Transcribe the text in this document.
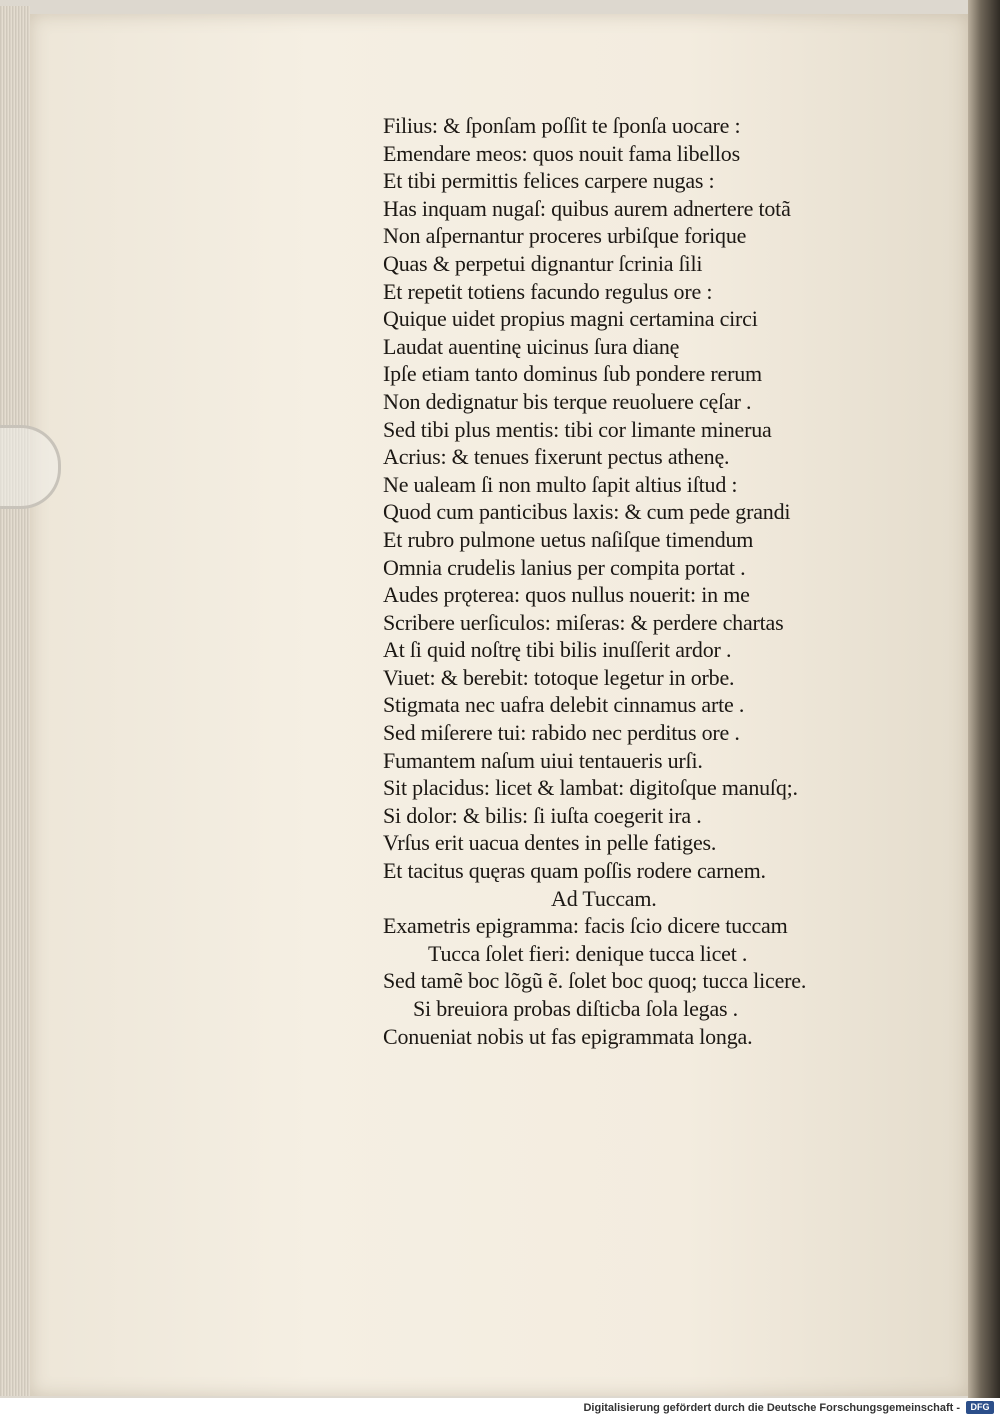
Filius: & ſponſam poſſit te ſponſa uocare :
Emendare meos: quos nouit fama libellos
Et tibi permittis felices carpere nugas :
Has inquam nugaſ: quibus aurem adnertere totã
Non aſpernantur proceres urbiſque forique
Quas & perpetui dignantur ſcrinia ſili
Et repetit totiens facundo regulus ore :
Quique uidet propius magni certamina circi
Laudat auentinę uicinus ſura dianę
Ipſe etiam tanto dominus ſub pondere rerum
Non dedignatur bis terque reuoluere cęſar .
Sed tibi plus mentis: tibi cor limante mineruа
Acrius: & tenues fixerunt pectus athenę.
Ne ualeam ſi non multo ſapit altius iſtud :
Quod cum panticibus laxis: & cum pede grandi
Et rubro pulmone uetus naſiſque timendum
Omnia crudelis lanius per compita portat .
Audes prǫterea: quos nullus nouerit: in me
Scribere uerſiculos: miſeras: & perdere chartas
At ſi quid noſtrę tibi bilis inuſſerit ardor .
Viuet: & berebit: totoque legetur in orbe.
Stigmata nec uafra delebit cinnamus arte .
Sed miſerere tui: rabido nec perditus ore .
Fumantem naſum uiui tentaueris urſi.
Sit placidus: licet & lambat: digitoſque manuſq;.
Si dolor: & bilis: ſi iuſta coegerit ira .
Vrſus erit uacua dentes in pelle fatiges.
Et tacitus quęras quam poſſis rodere carnem.
Ad Tuccam.
Exametris epigramma: facis ſcio dicere tuccam
Tucca ſolet fieri: denique tucca licet .
Sed tamẽ boc lõgũ ẽ. ſolet boc quoq; tucca licere.
Si breuiora probas diſticba ſola legas .
Conueniat nobis ut fas epigrammata longa.
Digitalisierung gefördert durch die Deutsche Forschungsgemeinschaft -	DFG
